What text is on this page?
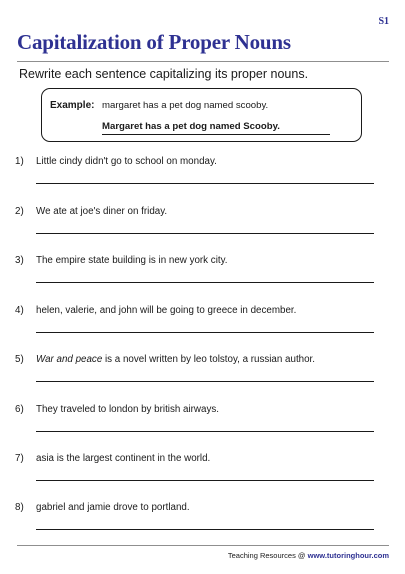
S1
Capitalization of Proper Nouns
Rewrite each sentence capitalizing its proper nouns.
Example: margaret has a pet dog named scooby.
Margaret has a pet dog named Scooby.
1) Little cindy didn't go to school on monday.
2) We ate at joe's diner on friday.
3) The empire state building is in new york city.
4) helen, valerie, and john will be going to greece in december.
5) War and peace is a novel written by leo tolstoy, a russian author.
6) They traveled to london by british airways.
7) asia is the largest continent in the world.
8) gabriel and jamie drove to portland.
Teaching Resources @ www.tutoringhour.com
